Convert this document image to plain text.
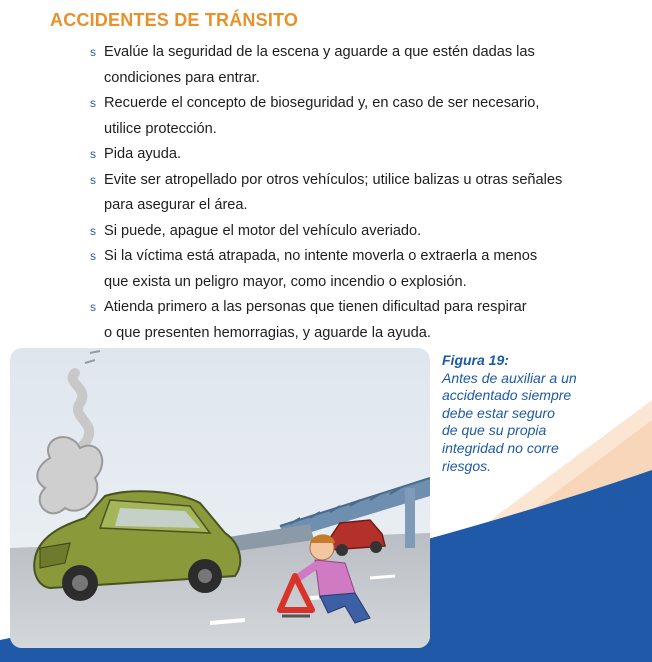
ACCIDENTES DE TRÁNSITO
s Evalúe la seguridad de la escena y aguarde a que estén dadas las
condiciones para entrar.
s Recuerde el concepto de bioseguridad y, en caso de ser necesario,
utilice protección.
s Pida ayuda.
s Evite ser atropellado por otros vehículos; utilice balizas u otras señales
para asegurar el área.
s Si puede, apague el motor del vehículo averiado.
s Si la víctima está atrapada, no intente moverla o extraerla a menos
que exista un peligro mayor, como incendio o explosión.
s Atienda primero a las personas que tienen dificultad para respirar
o que presenten hemorragias, y aguarde la ayuda.
Figura 19:
Antes de auxiliar a un
accidentado siempre
debe estar seguro
de que su propia
integridad no corre
riesgos.
